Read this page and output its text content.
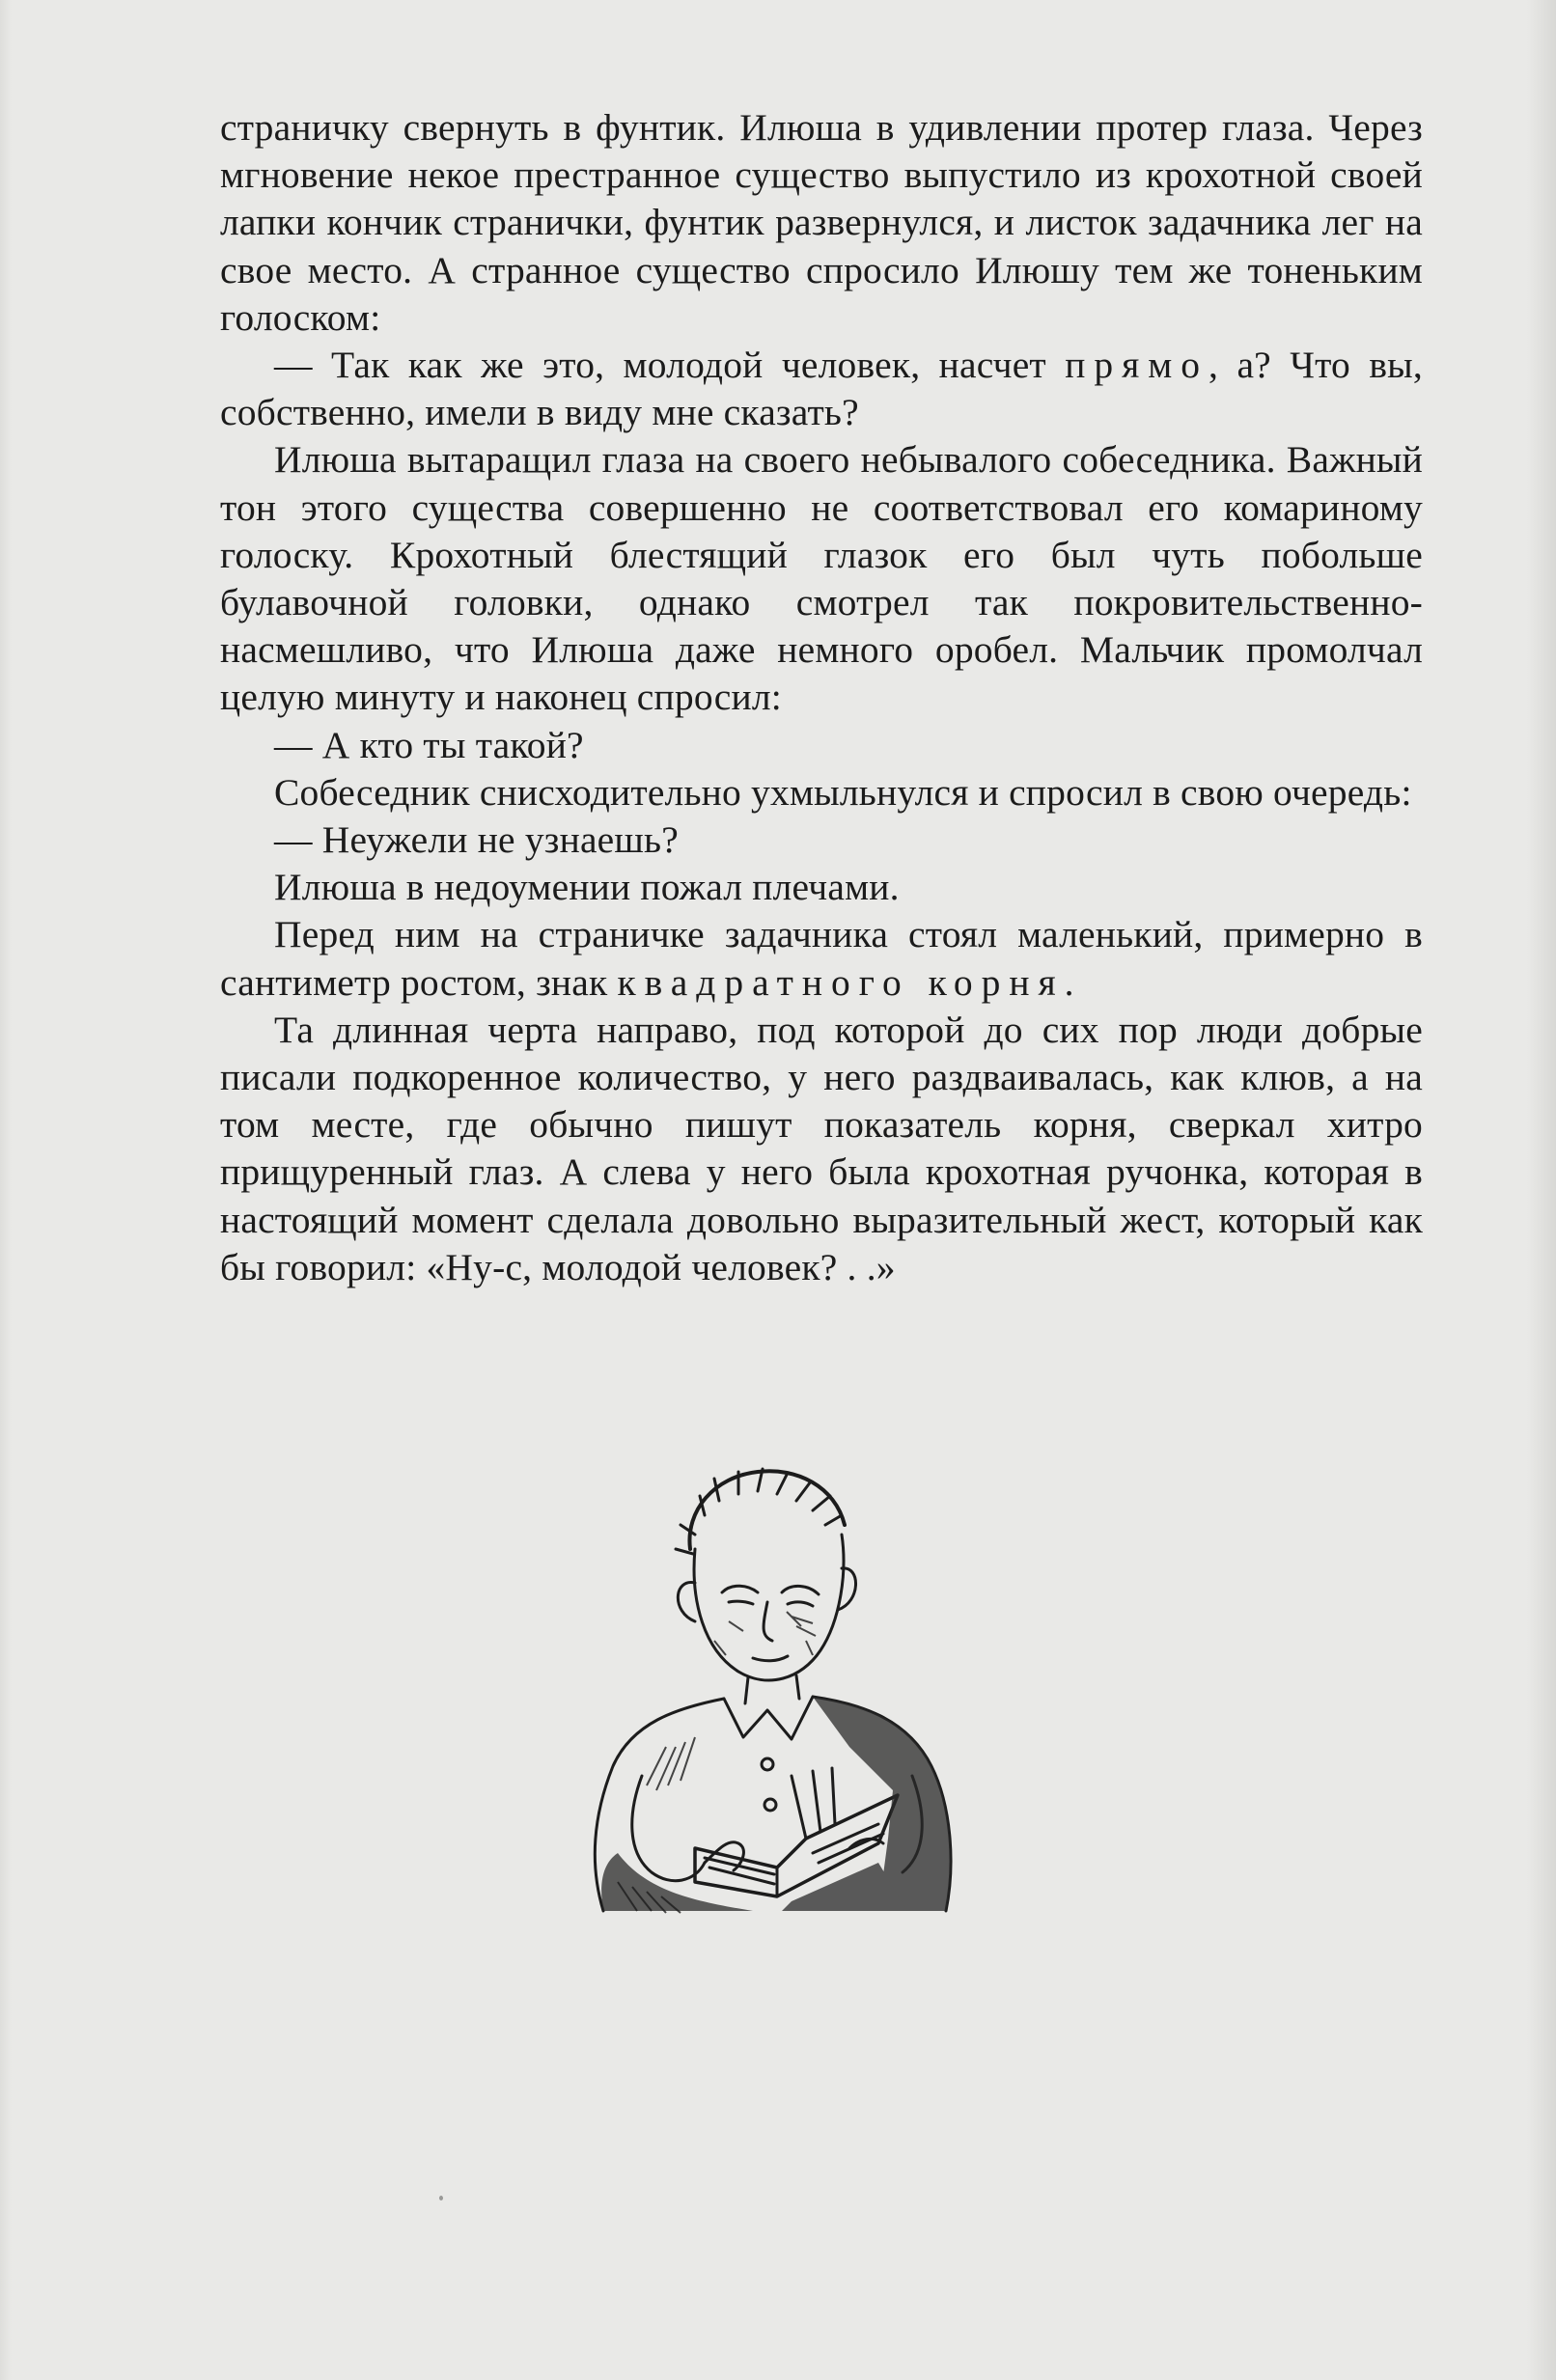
страничку свернуть в фунтик. Илюша в удивлении протер глаза. Через мгновение некое престранное существо выпустило из крохотной своей лапки кончик странички, фунтик развернулся, и листок задачника лег на свое место. А странное существо спросило Илюшу тем же тоненьким голоском:

— Так как же это, молодой человек, насчет прямо, а? Что вы, собственно, имели в виду мне сказать?

Илюша вытаращил глаза на своего небывалого собеседника. Важный тон этого существа совершенно не соответствовал его комариному голоску. Крохотный блестящий глазок его был чуть побольше булавочной головки, однако смотрел так покровительственно-насмешливо, что Илюша даже немного оробел. Мальчик промолчал целую минуту и наконец спросил:

— А кто ты такой?

Собеседник снисходительно ухмыльнулся и спросил в свою очередь:

— Неужели не узнаешь?

Илюша в недоумении пожал плечами.

Перед ним на страничке задачника стоял маленький, примерно в сантиметр ростом, знак квадратного корня.

Та длинная черта направо, под которой до сих пор люди добрые писали подкоренное количество, у него раздваивалась, как клюв, а на том месте, где обычно пишут показатель корня, сверкал хитро прищуренный глаз. А слева у него была крохотная ручонка, которая в настоящий момент сделала довольно выразительный жест, который как бы говорил: «Ну-с, молодой человек? . .»
